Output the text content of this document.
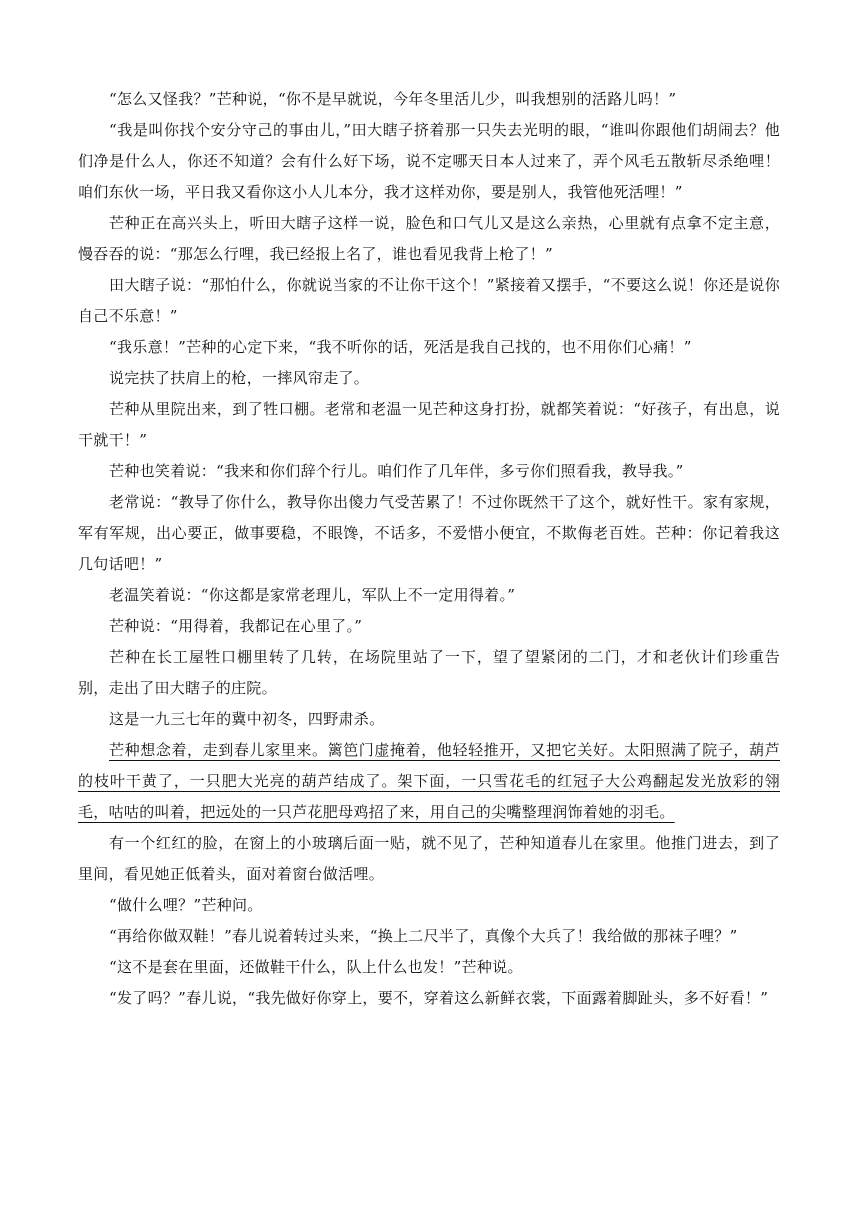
“怎么又怪我？”芒种说，“你不是早就说，今年冬里活儿少，叫我想别的活路儿吗！”

“我是叫你找个安分守己的事由儿，”田大瞎子挤着那一只失去光明的眼，“谁叫你跟他们胡闹去？他们净是什么人，你还不知道？会有什么好下场，说不定哪天日本人过来了，弄个风毛五散斩尽杀绝哩！咱们东伙一场，平日我又看你这小人儿本分，我才这样劝你，要是别人，我管他死活哩！”

芒种正在高兴头上，听田大瞎子这样一说，脸色和口气儿又是这么亲热，心里就有点拿不定主意，慢吞吞的说：“那怎么行哩，我已经报上名了，谁也看见我背上枪了！”

田大瞎子说：“那怕什么，你就说当家的不让你干这个！”紧接着又摆手，“不要这么说！你还是说你自己不乐意！”

“我乐意！”芒种的心定下来，“我不听你的话，死活是我自己找的，也不用你们心痛！”

说完扶了扶肩上的枪，一摔风帘走了。

芒种从里院出来，到了牲口棚。老常和老温一见芒种这身打扮，就都笑着说：“好孩子，有出息，说干就干！”

芒种也笑着说：“我来和你们辞个行儿。咱们作了几年伴，多亏你们照看我，教导我。”

老常说：“教导了你什么，教导你出傻力气受苦累了！不过你既然干了这个，就好性干。家有家规，军有军规，出心要正，做事要稳，不眼馋，不话多，不爱惜小便宜，不欺侮老百姓。芒种：你记着我这几句话吧！”

老温笑着说：“你这都是家常老理儿，军队上不一定用得着。”

芒种说：“用得着，我都记在心里了。”

芒种在长工屋牲口棚里转了几转，在场院里站了一下，望了望紧闭的二门，才和老伙计们珍重告别，走出了田大瞎子的庄院。

这是一九三七年的冀中初冬，四野肃杀。

芒种想念着，走到春儿家里来。篱笆门虚掩着，他轻轻推开，又把它关好。太阳照满了院子，葫芦的枝叶干黄了，一只肥大光亮的葫芦结成了。架下面，一只雪花毛的红冠子大公鸡翻起发光放彩的翎毛，咕咕的叫着，把远处的一只芦花肥母鸡招了来，用自己的尖嘴整理润饰着她的羽毛。

有一个红红的脸，在窗上的小玻璃后面一贴，就不见了，芒种知道春儿在家里。他推门进去，到了里间，看见她正低着头，面对着窗台做活哩。

“做什么哩？”芒种问。

“再给你做双鞋！”春儿说着转过头来，“换上二尺半了，真像个大兵了！我给做的那袜子哩？”

“这不是套在里面，还做鞋干什么，队上什么也发！”芒种说。

“发了吗？”春儿说，“我先做好你穿上，要不，穿着这么新鲜衣裳，下面露着脚趾头，多不好看！”
